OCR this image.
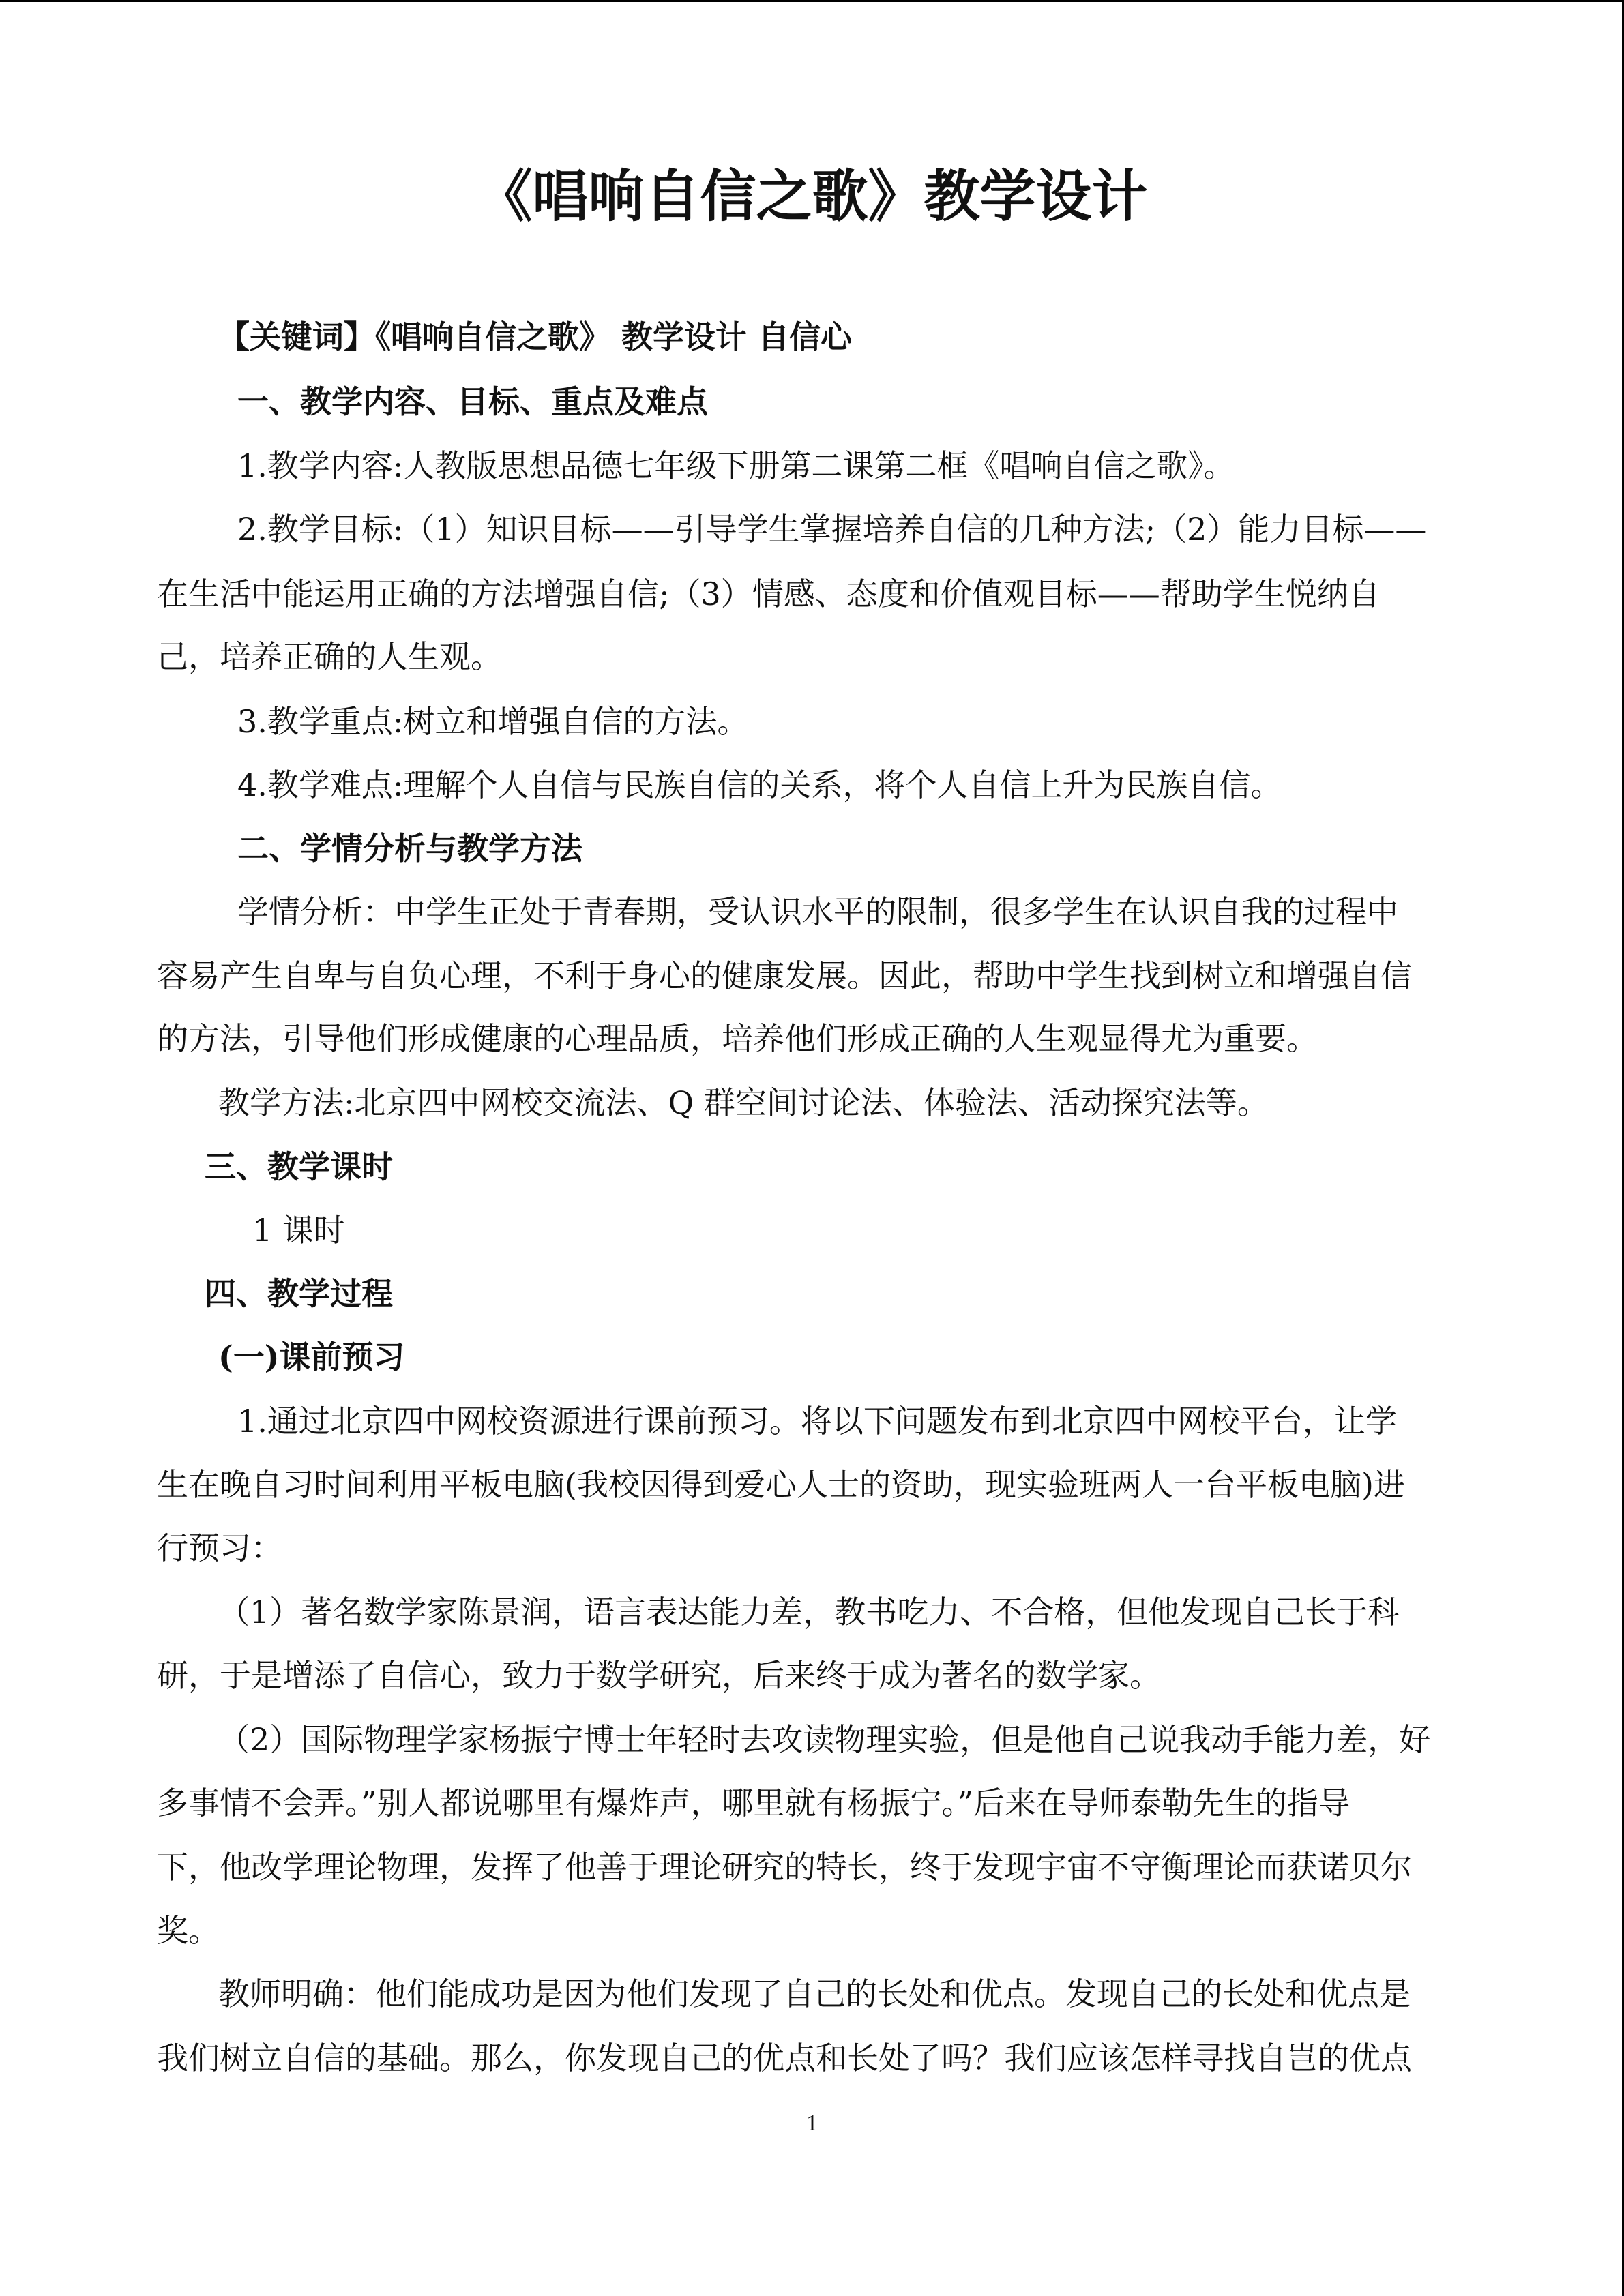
《唱响自信之歌》教学设计
【关键词】《唱响自信之歌》 教学设计 自信心
一、教学内容、目标、重点及难点
1.教学内容:人教版思想品德七年级下册第二课第二框《唱响自信之歌》。
2.教学目标:（1）知识目标——引导学生掌握培养自信的几种方法;（2）能力目标——
在生活中能运用正确的方法增强自信;（3）情感、态度和价值观目标——帮助学生悦纳自
己，培养正确的人生观。
3.教学重点:树立和增强自信的方法。
4.教学难点:理解个人自信与民族自信的关系，将个人自信上升为民族自信。
二、学情分析与教学方法
学情分析：中学生正处于青春期，受认识水平的限制，很多学生在认识自我的过程中
容易产生自卑与自负心理，不利于身心的健康发展。因此，帮助中学生找到树立和增强自信
的方法，引导他们形成健康的心理品质，培养他们形成正确的人生观显得尤为重要。
教学方法:北京四中网校交流法、Q 群空间讨论法、体验法、活动探究法等。
三、教学课时
1 课时
四、教学过程
(一)课前预习
1.通过北京四中网校资源进行课前预习。将以下问题发布到北京四中网校平台，让学
生在晚自习时间利用平板电脑(我校因得到爱心人士的资助，现实验班两人一台平板电脑)进
行预习：
（1）著名数学家陈景润，语言表达能力差，教书吃力、不合格，但他发现自己长于科
研，于是增添了自信心，致力于数学研究，后来终于成为著名的数学家。
（2）国际物理学家杨振宁博士年轻时去攻读物理实验，但是他自己说我动手能力差，好
多事情不会弄。”别人都说哪里有爆炸声，哪里就有杨振宁。”后来在导师泰勒先生的指导
下，他改学理论物理，发挥了他善于理论研究的特长，终于发现宇宙不守衡理论而获诺贝尔
奖。
教师明确：他们能成功是因为他们发现了自己的长处和优点。发现自己的长处和优点是
我们树立自信的基础。那么，你发现自己的优点和长处了吗？我们应该怎样寻找自岂的优点
1
